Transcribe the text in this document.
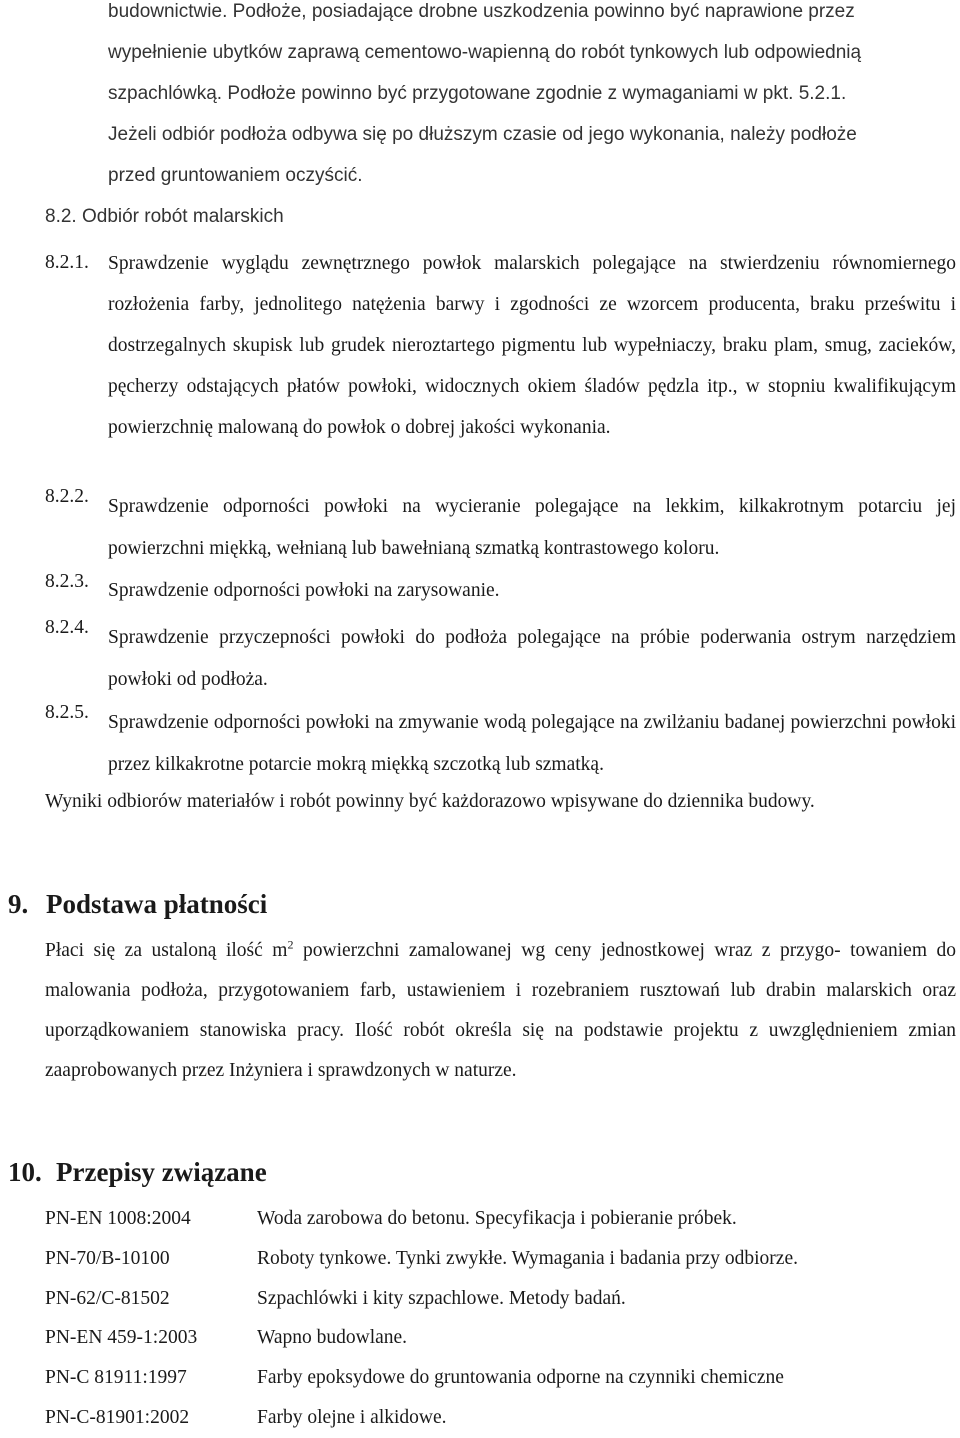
budownictwie. Podłoże, posiadające drobne uszkodzenia powinno być naprawione przez
wypełnienie ubytków zaprawą cementowo-wapienną do robót tynkowych lub odpowiednią
szpachlówką. Podłoże powinno być przygotowane zgodnie z wymaganiami w pkt. 5.2.1.
Jeżeli odbiór podłoża odbywa się po dłuższym czasie od jego wykonania, należy podłoże
przed gruntowaniem oczyścić.
8.2. Odbiór robót malarskich
8.2.1. Sprawdzenie wyglądu zewnętrznego powłok malarskich polegające na stwierdzeniu równomiernego rozłożenia farby, jednolitego natężenia barwy i zgodności ze wzorcem producenta, braku prześwitu i dostrzegalnych skupisk lub grudek nieroztartego pigmentu lub wypełniaczy, braku plam, smug, zacieków, pęcherzy odstających płatów powłoki, widocznych okiem śladów pędzla itp., w stopniu kwalifikującym powierzchnię malowaną do powłok o dobrej jakości wykonania.

8.2.2. Sprawdzenie odporności powłoki na wycieranie polegające na lekkim, kilkakrotnym potarciu jej powierzchni miękką, wełnianą lub bawełnianą szmatką kontrastowego koloru.

8.2.3. Sprawdzenie odporności powłoki na zarysowanie.

8.2.4. Sprawdzenie przyczepności powłoki do podłoża polegające na próbie poderwania ostrym narzędziem powłoki od podłoża.

8.2.5. Sprawdzenie odporności powłoki na zmywanie wodą polegające na zwilżaniu badanej powierzchni powłoki przez kilkakrotne potarcie mokrą miękką szczotką lub szmatką.

Wyniki odbiorów materiałów i robót powinny być każdorazowo wpisywane do dziennika budowy.

9. Podstawa płatności

Płaci się za ustaloną ilość $m^2$ powierzchni zamalowanej wg ceny jednostkowej wraz z przygo- towaniem do malowania podłoża, przygotowaniem farb, ustawieniem i rozebraniem rusztowań lub drabin malarskich oraz uporządkowaniem stanowiska pracy. Ilość robót określa się na podstawie projektu z uwzględnieniem zmian zaaprobowanych przez Inżyniera i sprawdzonych w naturze.

10. Przepisy związane
PN-EN 1008:2004	Woda zarobowa do betonu. Specyfikacja i pobieranie próbek.
PN-70/B-10100	Roboty tynkowe. Tynki zwykłe. Wymagania i badania przy odbiorze.
PN-62/C-81502	Szpachlówki i kity szpachlowe. Metody badań.
PN-EN 459-1:2003	Wapno budowlane.
PN-C 81911:1997	Farby epoksydowe do gruntowania odporne na czynniki chemiczne
PN-C-81901:2002	Farby olejne i alkidowe.
